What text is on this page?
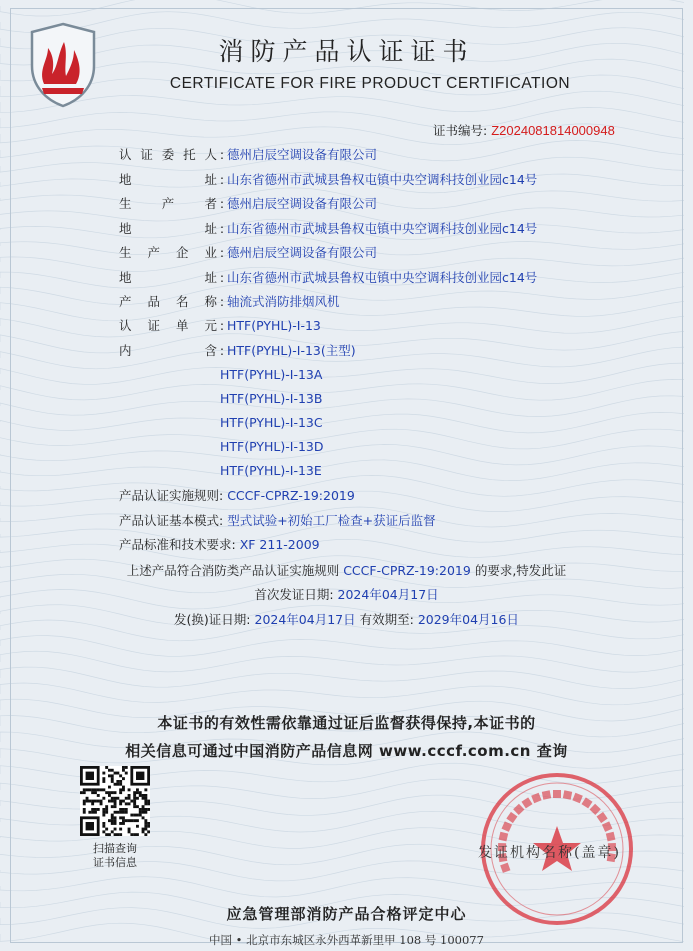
消防产品认证证书
CERTIFICATE FOR FIRE PRODUCT CERTIFICATION
证书编号: Z2024081814000948
认证委托人 : 德州启辰空调设备有限公司
地址 : 山东省德州市武城县鲁权屯镇中央空调科技创业园c14号
生产者 : 德州启辰空调设备有限公司
地址 : 山东省德州市武城县鲁权屯镇中央空调科技创业园c14号
生产企业 : 德州启辰空调设备有限公司
地址 : 山东省德州市武城县鲁权屯镇中央空调科技创业园c14号
产品名称 : 轴流式消防排烟风机
认证单元 : HTF(PYHL)-I-13
内含 : HTF(PYHL)-I-13(主型)
HTF(PYHL)-I-13A
HTF(PYHL)-I-13B
HTF(PYHL)-I-13C
HTF(PYHL)-I-13D
HTF(PYHL)-I-13E
产品认证实施规则: CCCF-CPRZ-19:2019
产品认证基本模式: 型式试验+初始工厂检查+获证后监督
产品标准和技术要求: XF 211-2009
上述产品符合消防类产品认证实施规则 CCCF-CPRZ-19:2019 的要求,特发此证
首次发证日期: 2024年04月17日
发(换)证日期: 2024年04月17日 有效期至: 2029年04月16日
本证书的有效性需依靠通过证后监督获得保持,本证书的
相关信息可通过中国消防产品信息网 www.cccf.com.cn 查询
扫描查询
证书信息
发证机构名称(盖章)
应急管理部消防产品合格评定中心
中国 • 北京市东城区永外西革新里甲 108 号 100077
